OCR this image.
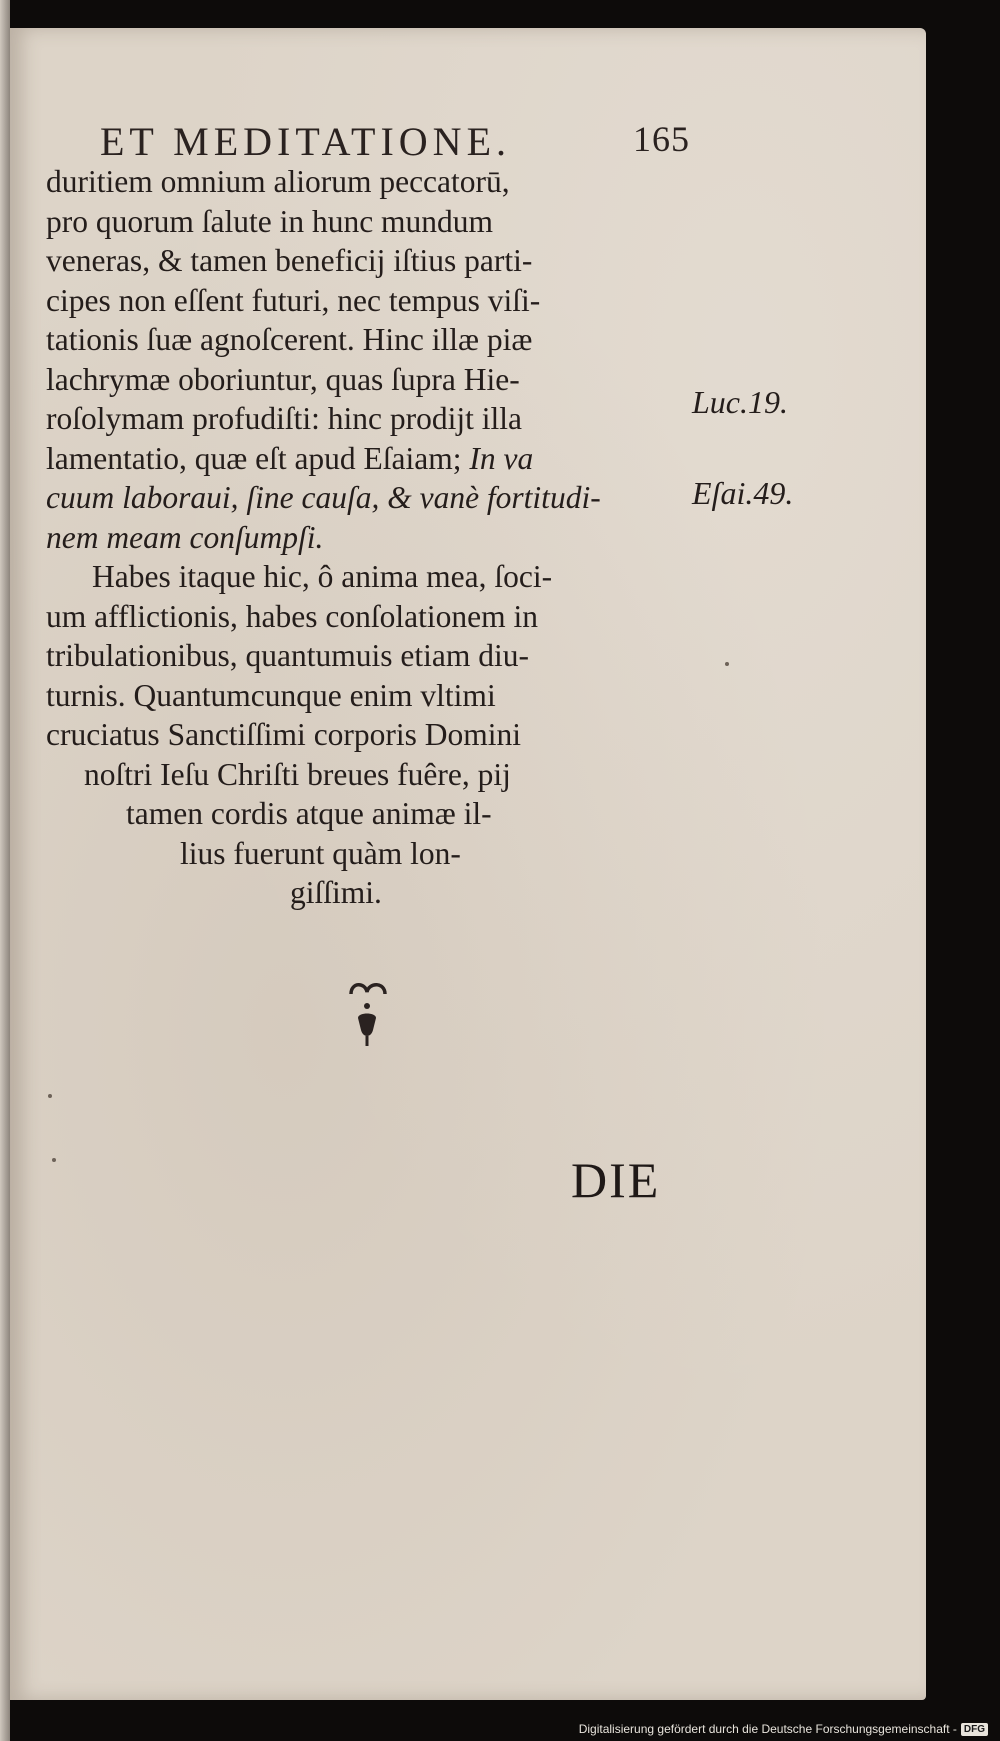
ET MEDITATIONE.	165
duritiem omnium aliorum peccatorū,
pro quorum ſalute in hunc mundum
veneras, & tamen beneficij iſtius parti-
cipes non eſſent futuri, nec tempus viſi-
tationis ſuæ agnoſcerent. Hinc illæ piæ
lachrymæ oboriuntur, quas ſupra Hie-
roſolymam profudiſti: hinc prodijt illa
lamentatio, quæ eſt apud Eſaiam; In va
cuum laboraui, ſine cauſa, & vanè fortitudi-
nem meam conſumpſi.
Habes itaque hic, ô anima mea, ſoci-
um afflictionis, habes conſolationem in
tribulationibus, quantumuis etiam diu-
turnis. Quantumcunque enim vltimi
cruciatus Sanctiſſimi corporis Domini
noſtri Ieſu Chriſti breues fuêre, pij
tamen cordis atque animæ il-
lius fuerunt quàm lon-
giſſimi.
Luc.19.
Eſai.49.
DIE
Digitalisierung gefördert durch die Deutsche Forschungsgemeinschaft - DFG
